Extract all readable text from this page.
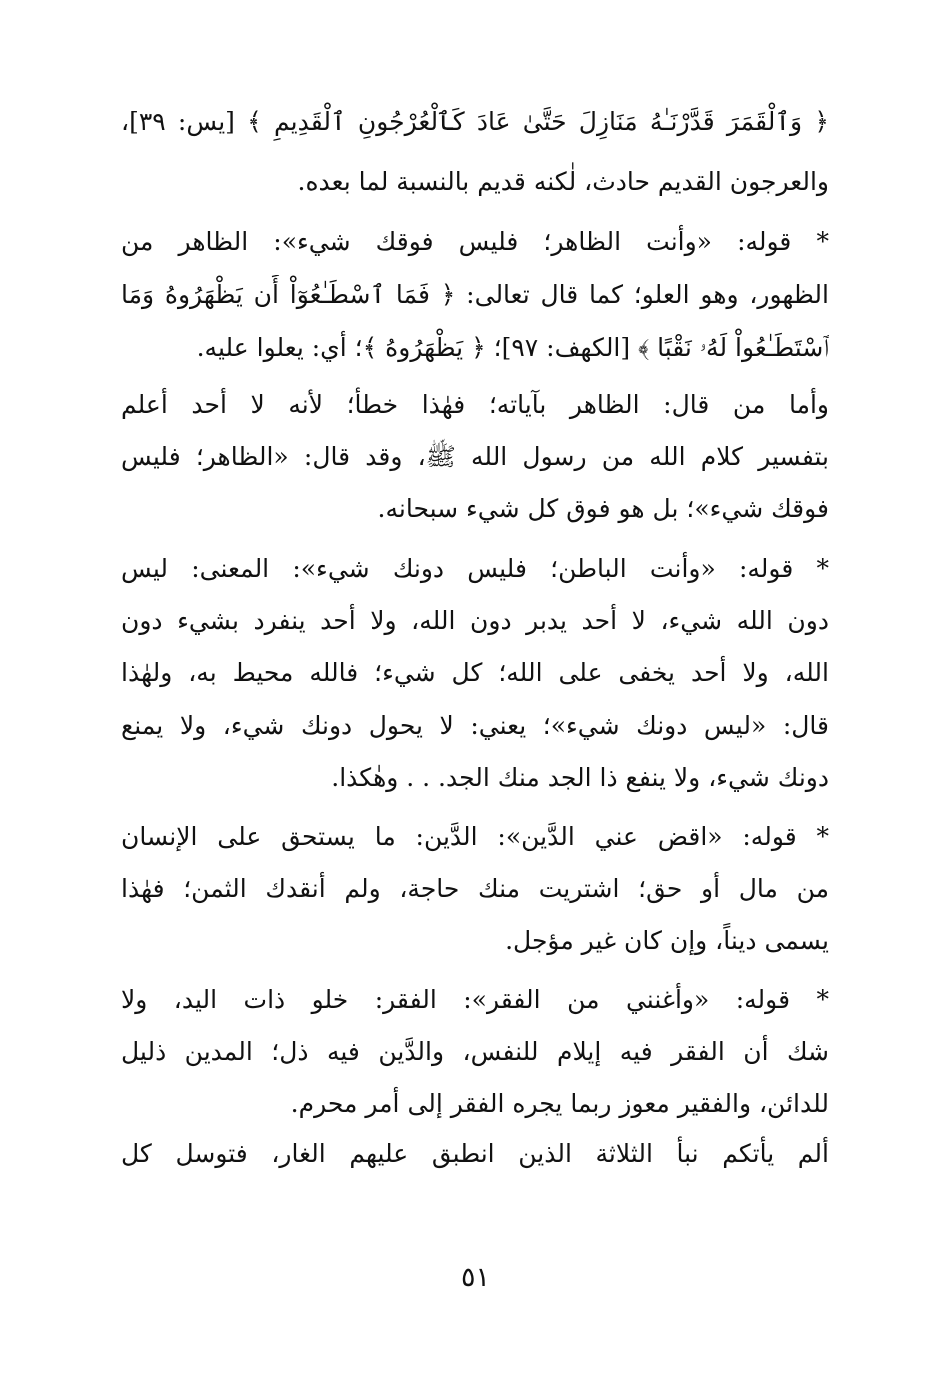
﴿ وَٱلْقَمَرَ قَدَّرْنَـٰهُ مَنَازِلَ حَتَّىٰ عَادَ كَٱلْعُرْجُونِ ٱلْقَدِيمِ ﴾ [يس: ٣٩]،
والعرجون القديم حادث، لٰكنه قديم بالنسبة لما بعده.
* قوله: «وأنت الظاهر؛ فليس فوقك شيء»: الظاهر من
الظهور، وهو العلو؛ كما قال تعالى: ﴿ فَمَا ٱسْطَـٰعُوٓاْ أَن يَظْهَرُوهُ وَمَا
ٱسْتَطَـٰعُواْ لَهُۥ نَقْبًا ﴾ [الكهف: ٩٧]؛ ﴿ يَظْهَرُوهُ ﴾؛ أي: يعلوا عليه.
وأما من قال: الظاهر بآياته؛ فهٰذا خطأ؛ لأنه لا أحد أعلم
بتفسير كلام الله من رسول الله ﷺ، وقد قال: «الظاهر؛ فليس
فوقك شيء»؛ بل هو فوق كل شيء سبحانه.
* قوله: «وأنت الباطن؛ فليس دونك شيء»: المعنى: ليس
دون الله شيء، لا أحد يدبر دون الله، ولا أحد ينفرد بشيء دون
الله، ولا أحد يخفى على الله؛ كل شيء؛ فالله محيط به، ولهٰذا
قال: «ليس دونك شيء»؛ يعني: لا يحول دونك شيء، ولا يمنع
دونك شيء، ولا ينفع ذا الجد منك الجد. . . وهٰكذا.
* قوله: «اقض عني الدَّين»: الدَّين: ما يستحق على الإنسان
من مال أو حق؛ اشتريت منك حاجة، ولم أنقدك الثمن؛ فهٰذا
يسمى ديناً، وإن كان غير مؤجل.
* قوله: «وأغنني من الفقر»: الفقر: خلو ذات اليد، ولا
شك أن الفقر فيه إيلام للنفس، والدَّين فيه ذل؛ المدين ذليل
للدائن، والفقير معوز ربما يجره الفقر إلى أمر محرم.
ألم يأتكم نبأ الثلاثة الذين انطبق عليهم الغار، فتوسل كل
٥١
